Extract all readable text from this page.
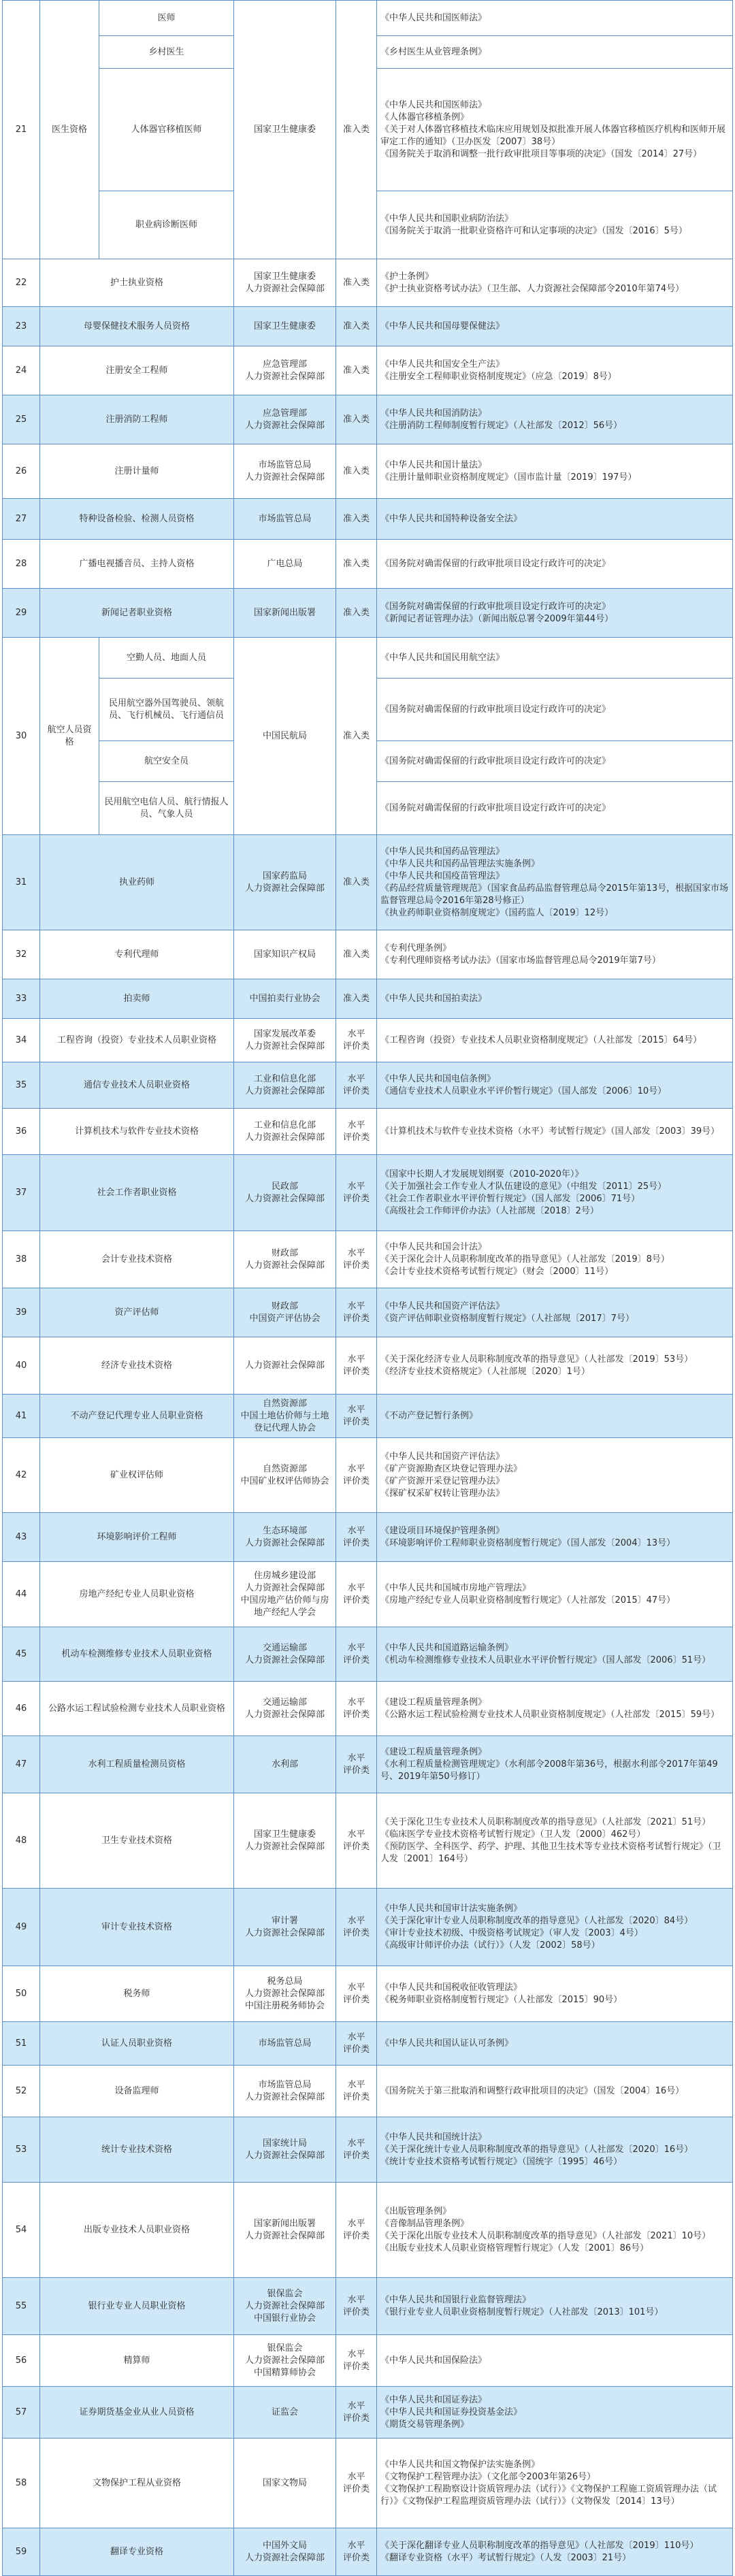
21	医生资格	医师	国家卫生健康委	准入类	《中华人民共和国医师法》

		乡村医生			《乡村医生从业管理条例》

		人体器官移植医师			《中华人民共和国医师法》
《人体器官移植条例》
《关于对人体器官移植技术临床应用规划及拟批准开展人体器官移植医疗机构和医师开展审定工作的通知》（卫办医发〔2007〕38号）
《国务院关于取消和调整一批行政审批项目等事项的决定》（国发〔2014〕27号）

		职业病诊断医师			《中华人民共和国职业病防治法》
《国务院关于取消一批职业资格许可和认定事项的决定》（国发〔2016〕5号）

22	护士执业资格		国家卫生健康委
人力资源社会保障部	准入类	《护士条例》
《护士执业资格考试办法》（卫生部、人力资源社会保障部令2010年第74号）

23	母婴保健技术服务人员资格		国家卫生健康委	准入类	《中华人民共和国母婴保健法》

24	注册安全工程师		应急管理部
人力资源社会保障部	准入类	《中华人民共和国安全生产法》
《注册安全工程师职业资格制度规定》（应急〔2019〕8号）

25	注册消防工程师		应急管理部
人力资源社会保障部	准入类	《中华人民共和国消防法》
《注册消防工程师制度暂行规定》（人社部发〔2012〕56号）

26	注册计量师		市场监管总局
人力资源社会保障部	准入类	《中华人民共和国计量法》
《注册计量师职业资格制度规定》（国市监计量〔2019〕197号）

27	特种设备检验、检测人员资格		市场监管总局	准入类	《中华人民共和国特种设备安全法》

28	广播电视播音员、主持人资格		广电总局	准入类	《国务院对确需保留的行政审批项目设定行政许可的决定》

29	新闻记者职业资格		国家新闻出版署	准入类	《国务院对确需保留的行政审批项目设定行政许可的决定》
《新闻记者证管理办法》（新闻出版总署令2009年第44号）

30	航空人员资格	空勤人员、地面人员	中国民航局	准入类	《中华人民共和国民用航空法》

		民用航空器外国驾驶员、领航员、飞行机械员、飞行通信员			《国务院对确需保留的行政审批项目设定行政许可的决定》

		航空安全员			《国务院对确需保留的行政审批项目设定行政许可的决定》

		民用航空电信人员、航行情报人员、气象人员			《国务院对确需保留的行政审批项目设定行政许可的决定》

31	执业药师		国家药监局
人力资源社会保障部	准入类	《中华人民共和国药品管理法》
《中华人民共和国药品管理法实施条例》
《中华人民共和国疫苗管理法》
《药品经营质量管理规范》（国家食品药品监督管理总局令2015年第13号，根据国家市场监督管理总局令2016年第28号修正）
《执业药师职业资格制度规定》（国药监人〔2019〕12号）

32	专利代理师		国家知识产权局	准入类	《专利代理条例》
《专利代理师资格考试办法》（国家市场监督管理总局令2019年第7号）

33	拍卖师		中国拍卖行业协会	准入类	《中华人民共和国拍卖法》

34	工程咨询（投资）专业技术人员职业资格		国家发展改革委
人力资源社会保障部	水平
评价类	《工程咨询（投资）专业技术人员职业资格制度规定》（人社部发〔2015〕64号）

35	通信专业技术人员职业资格		工业和信息化部
人力资源社会保障部	水平
评价类	《中华人民共和国电信条例》
《通信专业技术人员职业水平评价暂行规定》（国人部发〔2006〕10号）

36	计算机技术与软件专业技术资格		工业和信息化部
人力资源社会保障部	水平
评价类	《计算机技术与软件专业技术资格（水平）考试暂行规定》（国人部发〔2003〕39号）

37	社会工作者职业资格		民政部
人力资源社会保障部	水平
评价类	《国家中长期人才发展规划纲要（2010-2020年）》
《关于加强社会工作专业人才队伍建设的意见》（中组发〔2011〕25号）
《社会工作者职业水平评价暂行规定》（国人部发〔2006〕71号）
《高级社会工作师评价办法》（人社部规〔2018〕2号）

38	会计专业技术资格		财政部
人力资源社会保障部	水平
评价类	《中华人民共和国会计法》
《关于深化会计人员职称制度改革的指导意见》（人社部发〔2019〕8号）
《会计专业技术资格考试暂行规定》（财会〔2000〕11号）

39	资产评估师		财政部
中国资产评估协会	水平
评价类	《中华人民共和国资产评估法》
《资产评估师职业资格制度暂行规定》（人社部规〔2017〕7号）

40	经济专业技术资格		人力资源社会保障部	水平
评价类	《关于深化经济专业人员职称制度改革的指导意见》（人社部发〔2019〕53号）
《经济专业技术资格规定》（人社部规〔2020〕1号）

41	不动产登记代理专业人员职业资格		自然资源部
中国土地估价师与土地登记代理人协会	水平
评价类	《不动产登记暂行条例》

42	矿业权评估师		自然资源部
中国矿业权评估师协会	水平
评价类	《中华人民共和国资产评估法》
《矿产资源勘查区块登记管理办法》
《矿产资源开采登记管理办法》
《探矿权采矿权转让管理办法》

43	环境影响评价工程师		生态环境部
人力资源社会保障部	水平
评价类	《建设项目环境保护管理条例》
《环境影响评价工程师职业资格制度暂行规定》（国人部发〔2004〕13号）

44	房地产经纪专业人员职业资格		住房城乡建设部
人力资源社会保障部
中国房地产估价师与房地产经纪人学会	水平
评价类	《中华人民共和国城市房地产管理法》
《房地产经纪专业人员职业资格制度暂行规定》（人社部发〔2015〕47号）

45	机动车检测维修专业技术人员职业资格		交通运输部
人力资源社会保障部	水平
评价类	《中华人民共和国道路运输条例》
《机动车检测维修专业技术人员职业水平评价暂行规定》（国人部发〔2006〕51号）

46	公路水运工程试验检测专业技术人员职业资格		交通运输部
人力资源社会保障部	水平
评价类	《建设工程质量管理条例》
《公路水运工程试验检测专业技术人员职业资格制度规定》（人社部发〔2015〕59号）

47	水利工程质量检测员资格		水利部	水平
评价类	《建设工程质量管理条例》
《水利工程质量检测管理规定》（水利部令2008年第36号，根据水利部令2017年第49号、2019年第50号修订）

48	卫生专业技术资格		国家卫生健康委
人力资源社会保障部	水平
评价类	《关于深化卫生专业技术人员职称制度改革的指导意见》（人社部发〔2021〕51号）
《临床医学专业技术资格考试暂行规定》（卫人发〔2000〕462号）
《预防医学、全科医学、药学、护理、其他卫生技术等专业技术资格考试暂行规定》（卫人发〔2001〕164号）

49	审计专业技术资格		审计署
人力资源社会保障部	水平
评价类	《中华人民共和国审计法实施条例》
《关于深化审计专业人员职称制度改革的指导意见》（人社部发〔2020〕84号）
《审计专业技术初级、中级资格考试规定》（审人发〔2003〕4号）
《高级审计师评价办法（试行）》（人发〔2002〕58号）

50	税务师		税务总局
人力资源社会保障部
中国注册税务师协会	水平
评价类	《中华人民共和国税收征收管理法》
《税务师职业资格制度暂行规定》（人社部发〔2015〕90号）

51	认证人员职业资格		市场监管总局	水平
评价类	《中华人民共和国认证认可条例》

52	设备监理师		市场监管总局
人力资源社会保障部	水平
评价类	《国务院关于第三批取消和调整行政审批项目的决定》（国发〔2004〕16号）

53	统计专业技术资格		国家统计局
人力资源社会保障部	水平
评价类	《中华人民共和国统计法》
《关于深化统计专业人员职称制度改革的指导意见》（人社部发〔2020〕16号）
《统计专业技术资格考试暂行规定》（国统字〔1995〕46号）

54	出版专业技术人员职业资格		国家新闻出版署
人力资源社会保障部	水平
评价类	《出版管理条例》
《音像制品管理条例》
《关于深化出版专业技术人员职称制度改革的指导意见》（人社部发〔2021〕10号）
《出版专业技术人员职业资格管理暂行规定》（人发〔2001〕86号）

55	银行业专业人员职业资格		银保监会
人力资源社会保障部
中国银行业协会	水平
评价类	《中华人民共和国银行业监督管理法》
《银行业专业人员职业资格制度暂行规定》（人社部发〔2013〕101号）

56	精算师		银保监会
人力资源社会保障部
中国精算师协会	水平
评价类	《中华人民共和国保险法》

57	证券期货基金业从业人员资格		证监会	水平
评价类	《中华人民共和国证券法》
《中华人民共和国证券投资基金法》
《期货交易管理条例》

58	文物保护工程从业资格		国家文物局	水平
评价类	《中华人民共和国文物保护法实施条例》
《文物保护工程管理办法》（文化部令2003年第26号）
《文物保护工程勘察设计资质管理办法（试行）》《文物保护工程施工资质管理办法（试行）》《文物保护工程监理资质管理办法（试行）》（文物保发〔2014〕13号）

59	翻译专业资格		中国外文局
人力资源社会保障部	水平
评价类	《关于深化翻译专业人员职称制度改革的指导意见》（人社部发〔2019〕110号）
《翻译专业资格（水平）考试暂行规定》（人发〔2003〕21号）
